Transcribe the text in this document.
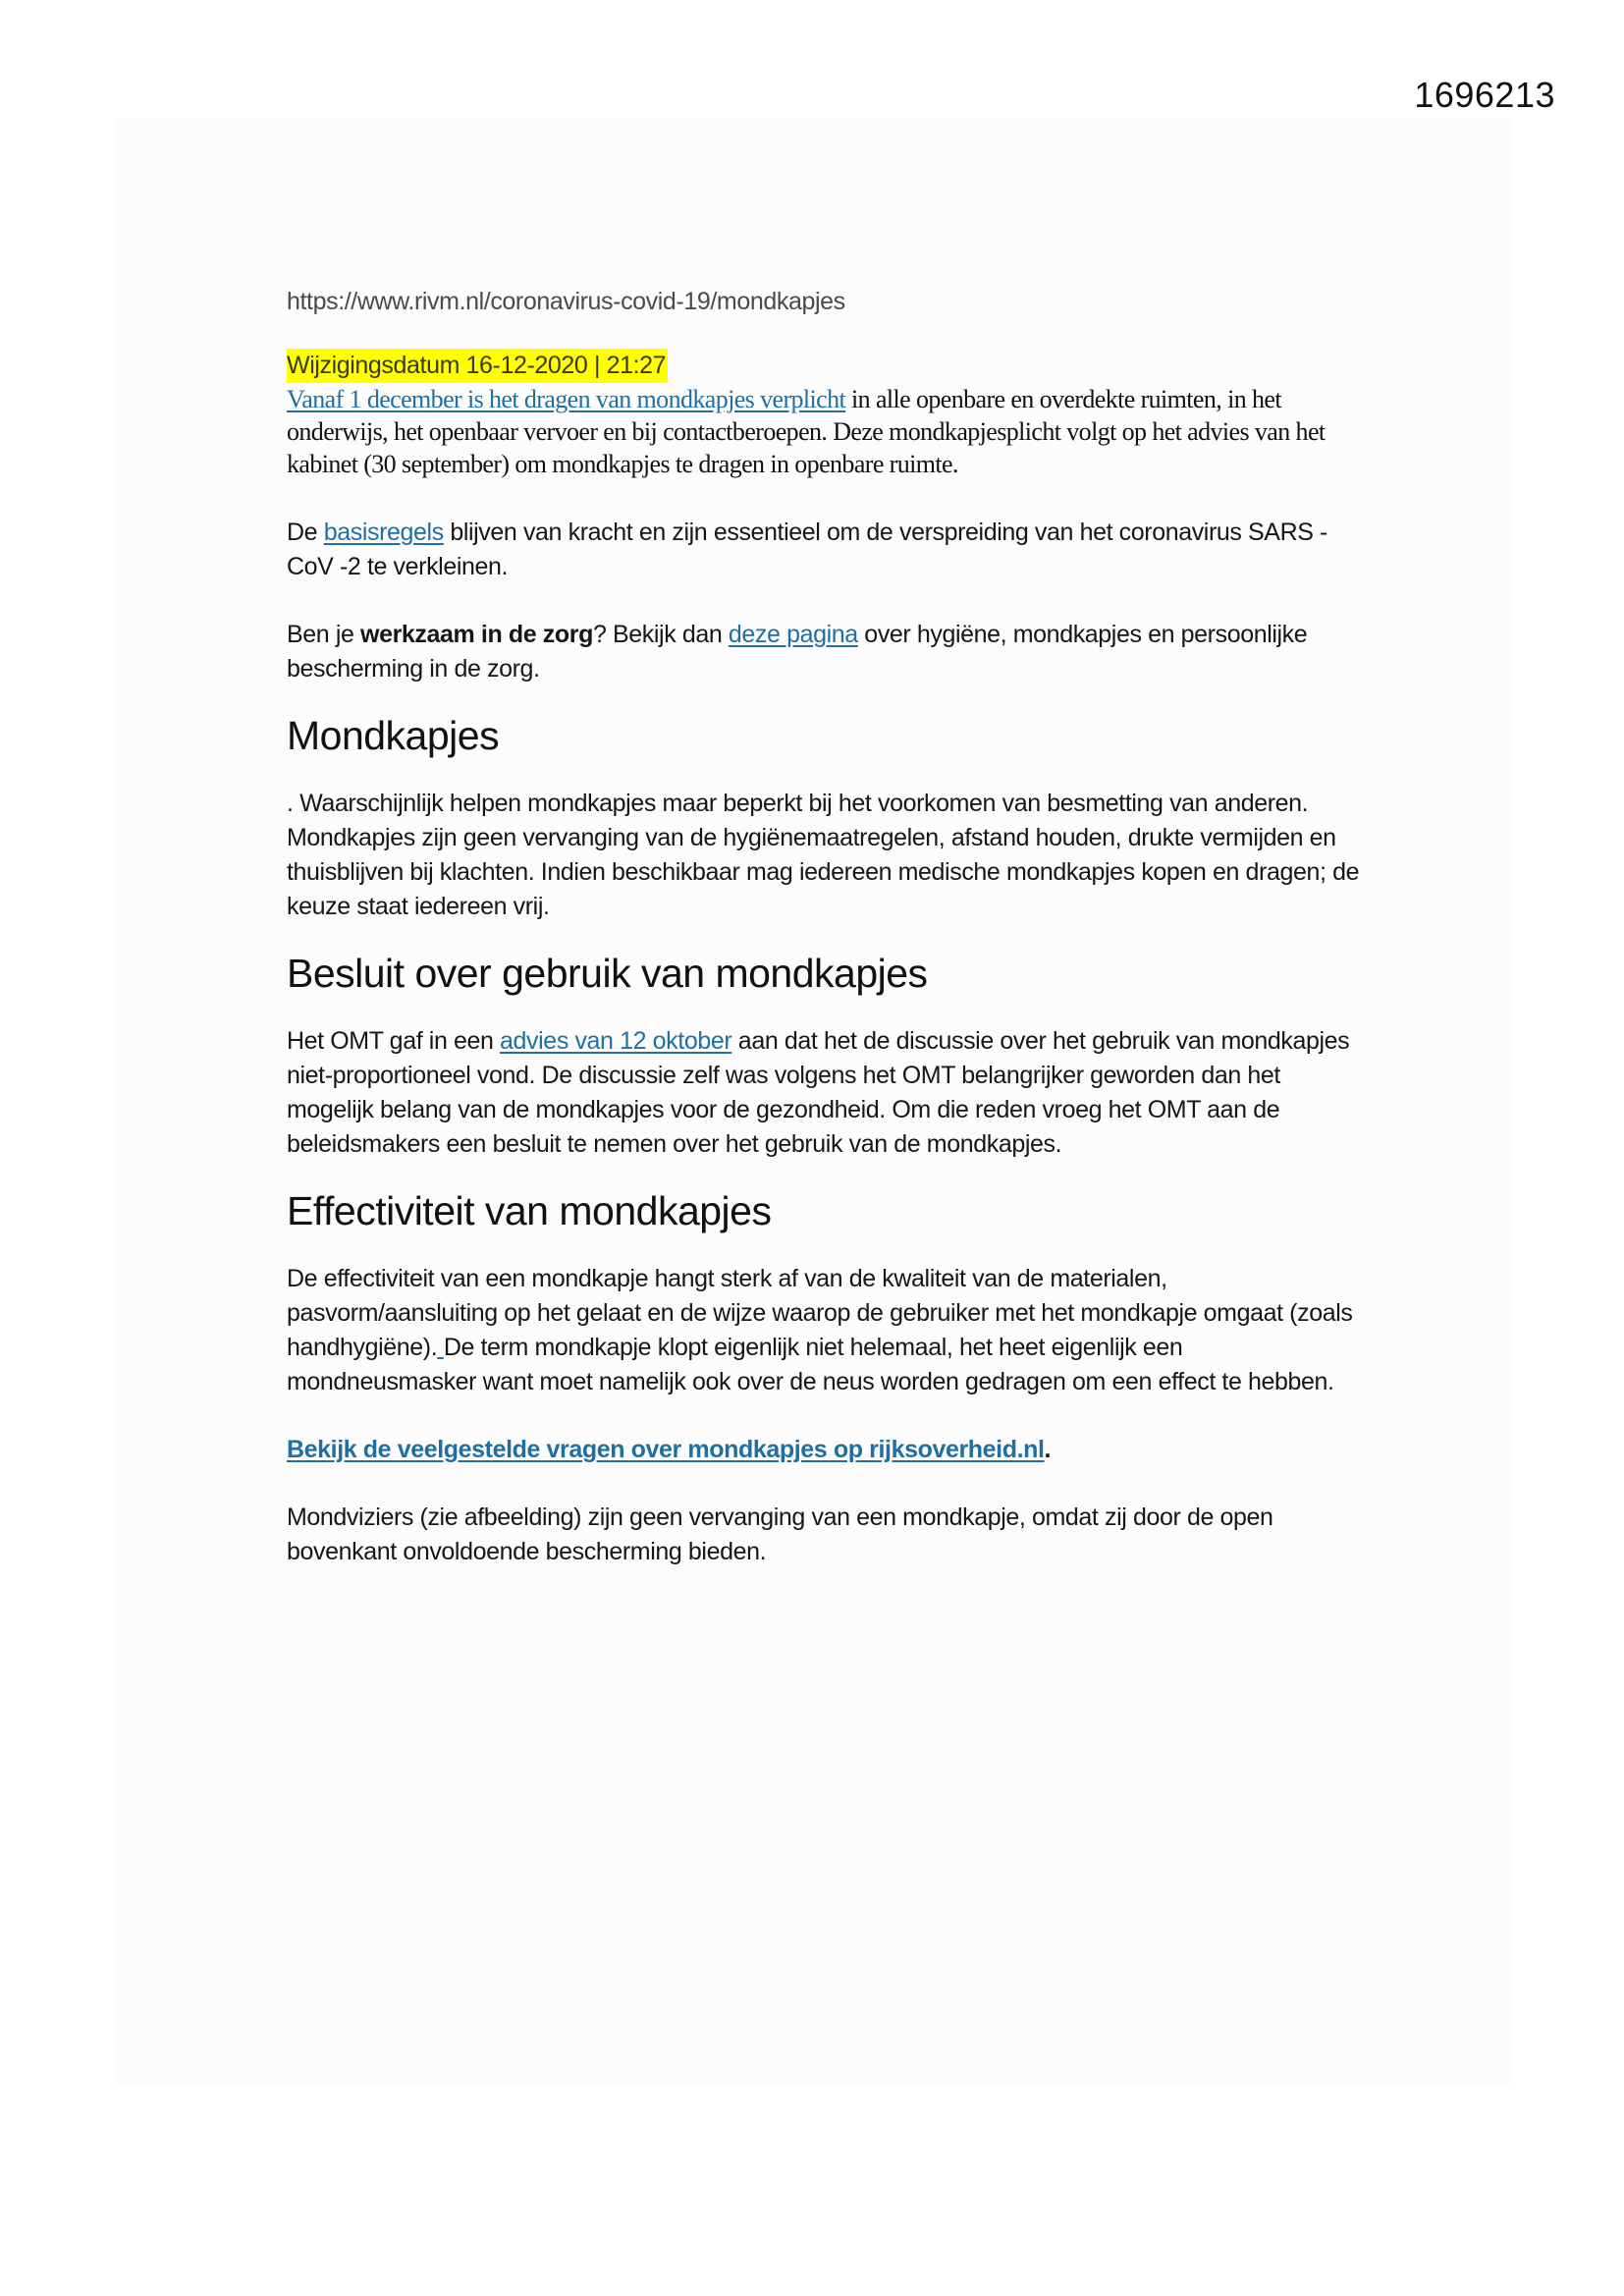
1696213
https://www.rivm.nl/coronavirus-covid-19/mondkapjes
Wijzigingsdatum 16-12-2020 | 21:27

Vanaf 1 december is het dragen van mondkapjes verplicht in alle openbare en overdekte ruimten, in het onderwijs, het openbaar vervoer en bij contactberoepen. Deze mondkapjesplicht volgt op het advies van het kabinet (30 september) om mondkapjes te dragen in openbare ruimte.

De basisregels blijven van kracht en zijn essentieel om de verspreiding van het coronavirus SARS -CoV -2 te verkleinen.

Ben je werkzaam in de zorg? Bekijk dan deze pagina over hygiëne, mondkapjes en persoonlijke bescherming in de zorg.

Mondkapjes

. Waarschijnlijk helpen mondkapjes maar beperkt bij het voorkomen van besmetting van anderen. Mondkapjes zijn geen vervanging van de hygiënemaatregelen, afstand houden, drukte vermijden en thuisblijven bij klachten. Indien beschikbaar mag iedereen medische mondkapjes kopen en dragen; de keuze staat iedereen vrij.

Besluit over gebruik van mondkapjes

Het OMT gaf in een advies van 12 oktober aan dat het de discussie over het gebruik van mondkapjes niet-proportioneel vond. De discussie zelf was volgens het OMT belangrijker geworden dan het mogelijk belang van de mondkapjes voor de gezondheid. Om die reden vroeg het OMT aan de beleidsmakers een besluit te nemen over het gebruik van de mondkapjes.

Effectiviteit van mondkapjes

De effectiviteit van een mondkapje hangt sterk af van de kwaliteit van de materialen, pasvorm/aansluiting op het gelaat en de wijze waarop de gebruiker met het mondkapje omgaat (zoals handhygiëne). De term mondkapje klopt eigenlijk niet helemaal, het heet eigenlijk een mondneusmasker want moet namelijk ook over de neus worden gedragen om een effect te hebben.

Bekijk de veelgestelde vragen over mondkapjes op rijksoverheid.nl.

Mondviziers (zie afbeelding) zijn geen vervanging van een mondkapje, omdat zij door de open bovenkant onvoldoende bescherming bieden.
